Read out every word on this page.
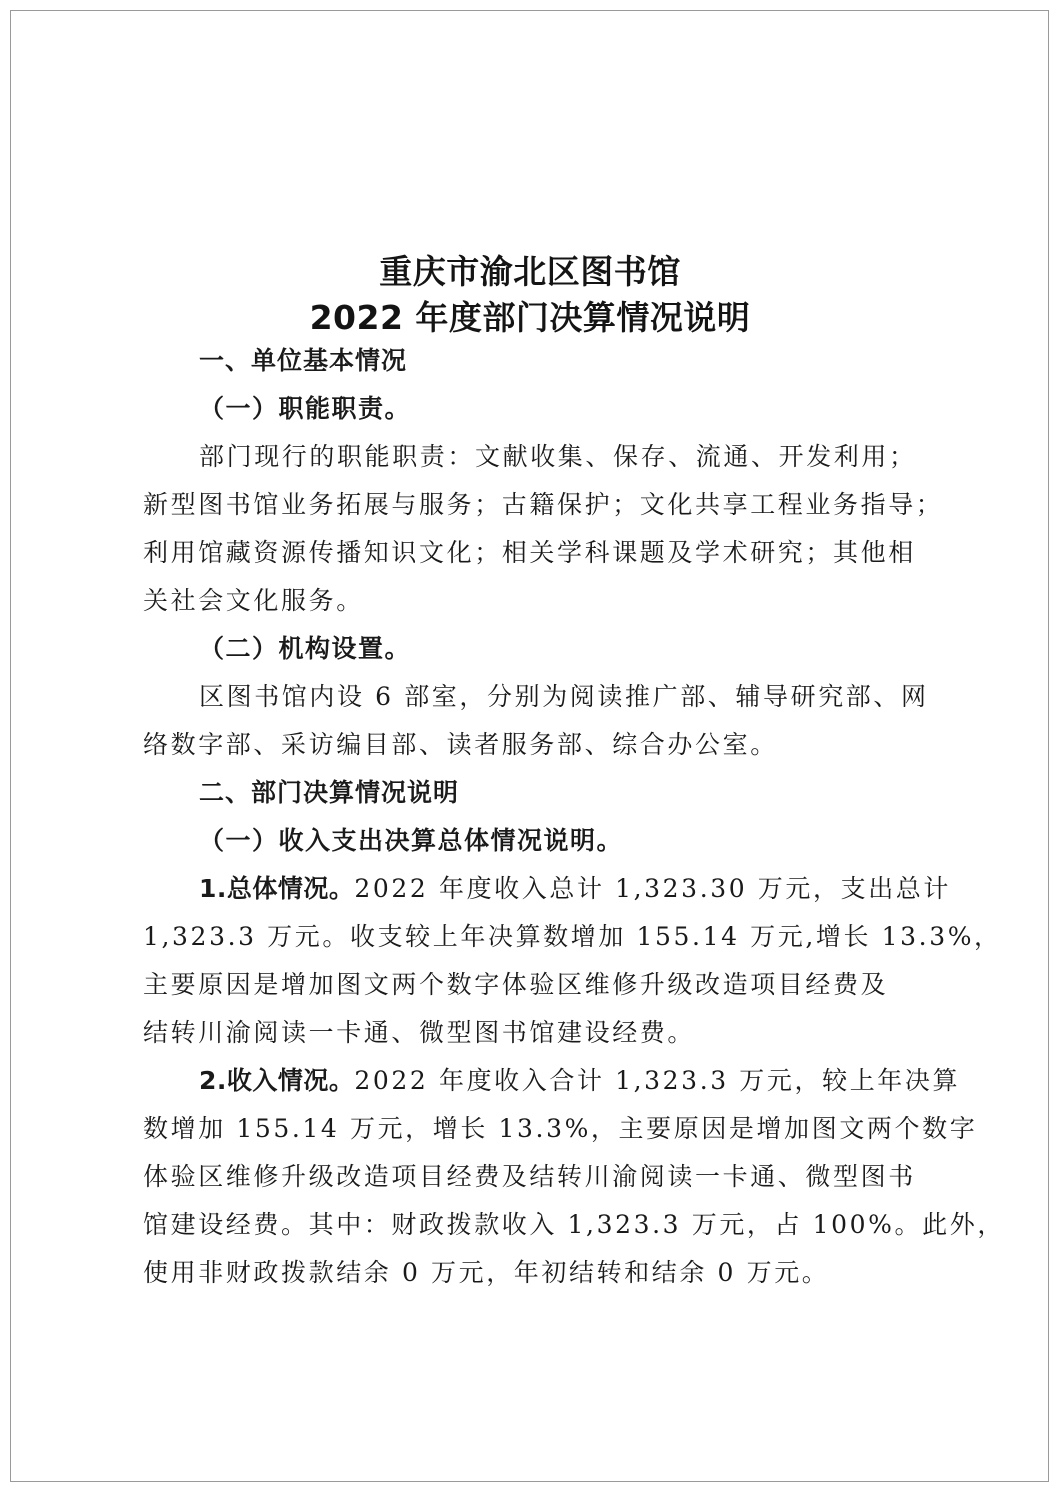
重庆市渝北区图书馆
2022 年度部门决算情况说明
一、单位基本情况
（一）职能职责。
部门现行的职能职责：文献收集、保存、流通、开发利用；
新型图书馆业务拓展与服务；古籍保护；文化共享工程业务指导；
利用馆藏资源传播知识文化；相关学科课题及学术研究；其他相
关社会文化服务。
（二）机构设置。
区图书馆内设 6 部室，分别为阅读推广部、辅导研究部、网
络数字部、采访编目部、读者服务部、综合办公室。
二、部门决算情况说明
（一）收入支出决算总体情况说明。
1.总体情况。2022 年度收入总计 1,323.30 万元，支出总计
1,323.3 万元。收支较上年决算数增加 155.14 万元,增长 13.3%，
主要原因是增加图文两个数字体验区维修升级改造项目经费及
结转川渝阅读一卡通、微型图书馆建设经费。
2.收入情况。2022 年度收入合计 1,323.3 万元，较上年决算
数增加 155.14 万元，增长 13.3%，主要原因是增加图文两个数字
体验区维修升级改造项目经费及结转川渝阅读一卡通、微型图书
馆建设经费。其中：财政拨款收入 1,323.3 万元，占 100%。此外，
使用非财政拨款结余 0 万元，年初结转和结余 0 万元。
